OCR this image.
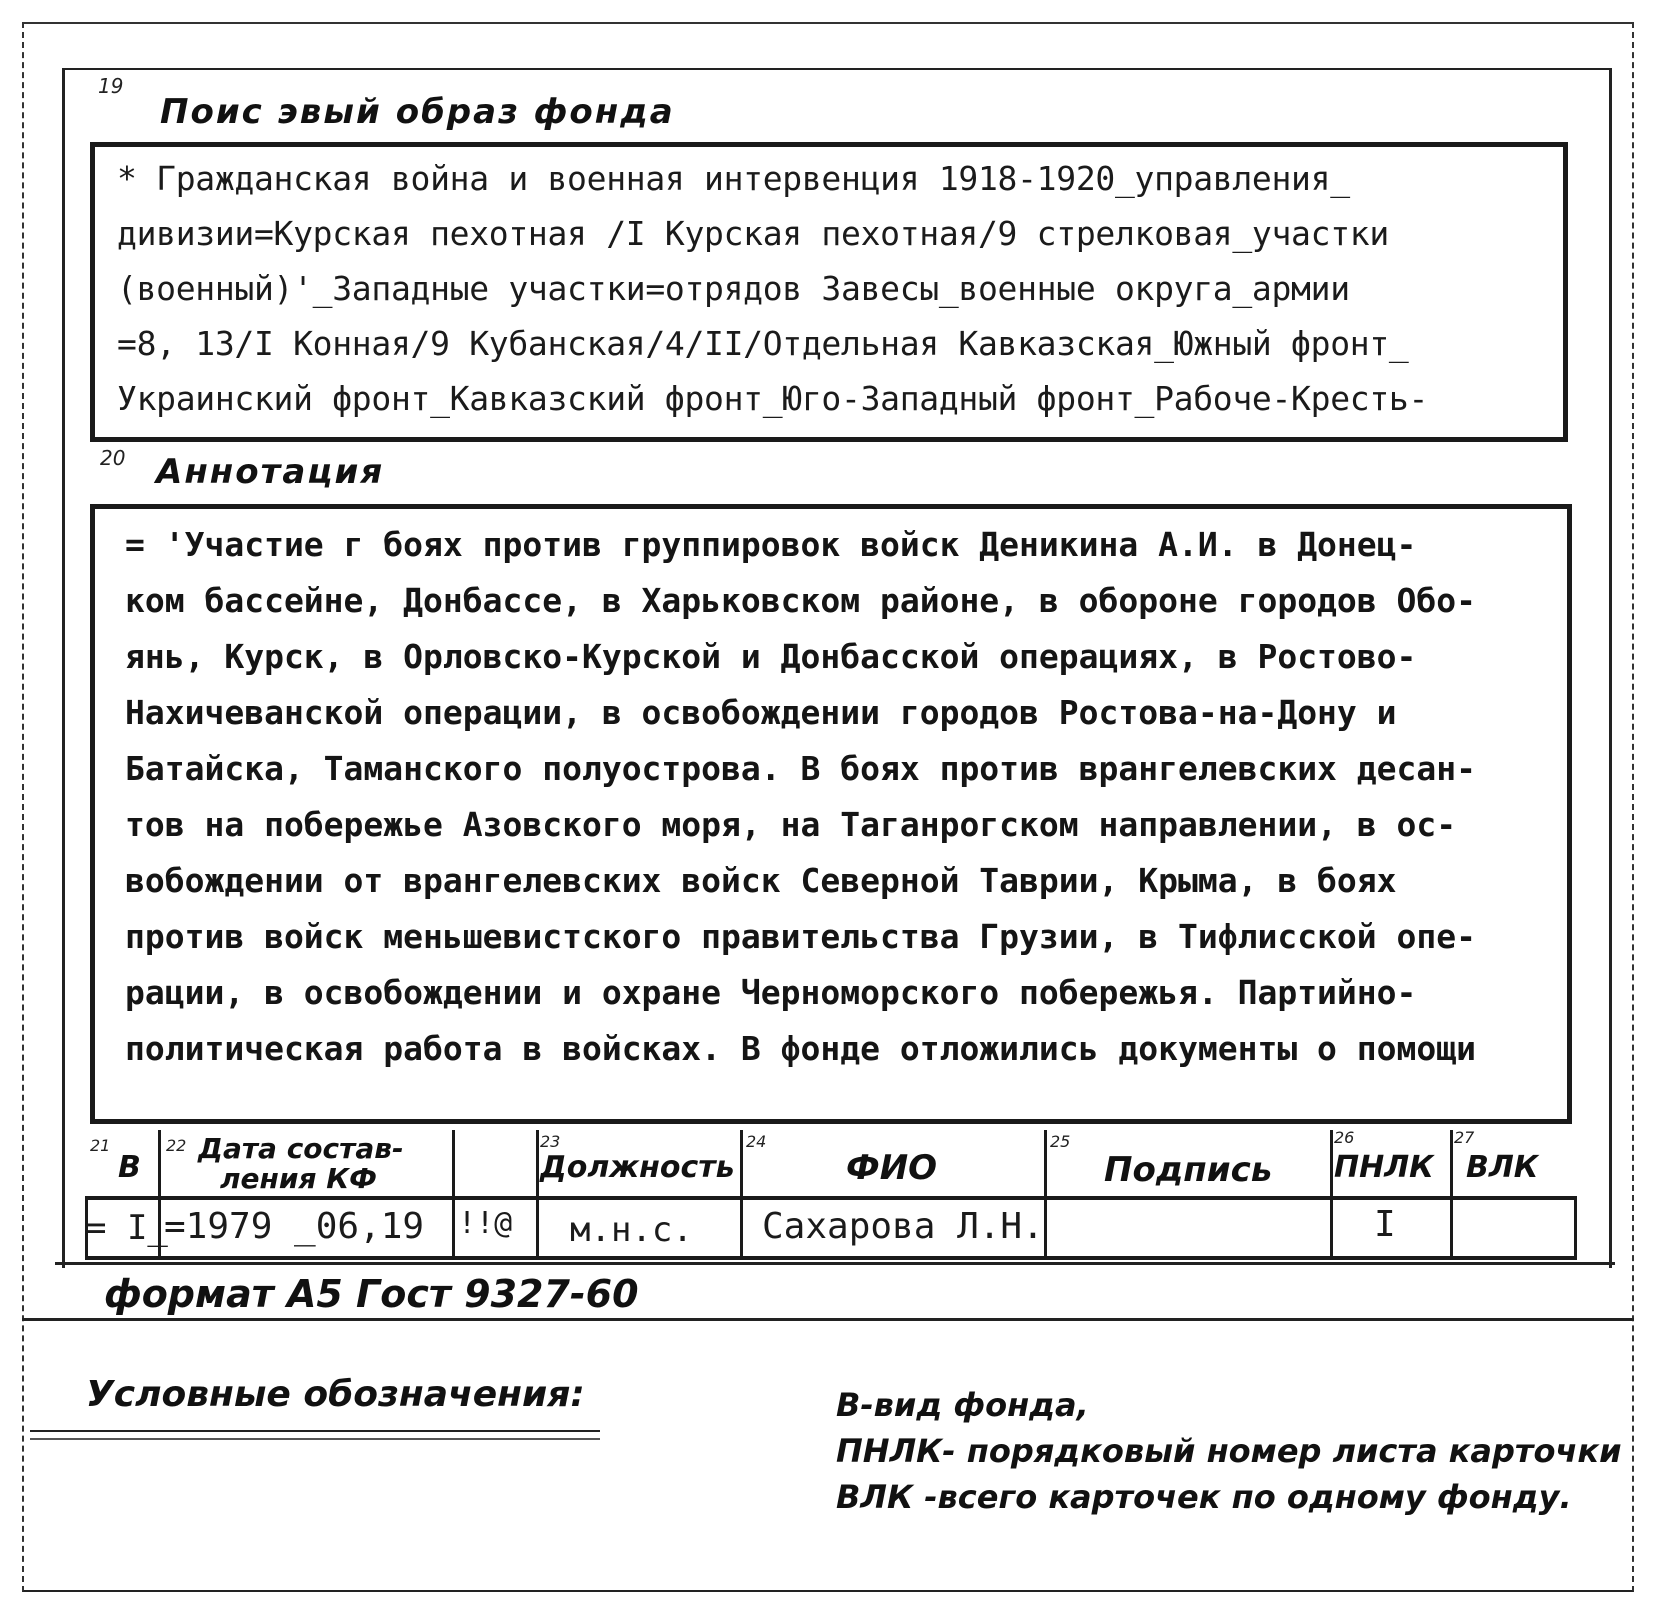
19
Поис эвый образ фонда
* Гражданская война и военная интервенция 1918-1920_управления_
дивизии=Курская пехотная /I Курская пехотная/9 стрелковая_участки
(военный)'_Западные участки=отрядов Завесы_военные округа_армии
=8, 13/I Конная/9 Кубанская/4/II/Отдельная Кавказская_Южный фронт_
Украинский фронт_Кавказский фронт_Юго-Западный фронт_Рабоче-Кресть-
20 Аннотация
= 'Участие г боях против группировок войск Деникина А.И. в Донец-
ком бассейне, Донбассе, в Харьковском районе, в обороне городов Обо-
янь, Курск, в Орловско-Курской и Донбасской операциях, в Ростово-
Нахичеванской операции, в освобождении городов Ростова-на-Дону и
Батайска, Таманского полуострова. В боях против врангелевских десан-
тов на побережье Азовского моря, на Таганрогском направлении, в ос-
вобождении от врангелевских войск Северной Таврии, Крыма, в боях
против войск меньшевистского правительства Грузии, в Тифлисской опе-
рации, в освобождении и охране Черноморского побережья. Партийно-
политическая работа в войсках. В фонде отложились документы о помощи
21
В
22 Дата состав-
ления КФ
23
Должность
24
ФИО
25
Подпись
26
ПНЛК
27
ВЛК
= I_
=1979 _06,19 !!@ м.н.с. Сахарова Л.Н.	I
формат А5 Гост 9327-60
Условные обозначения:	В-вид фонда,
ПНЛК- порядковый номер листа карточки
ВЛК -всего карточек по одному фонду.
